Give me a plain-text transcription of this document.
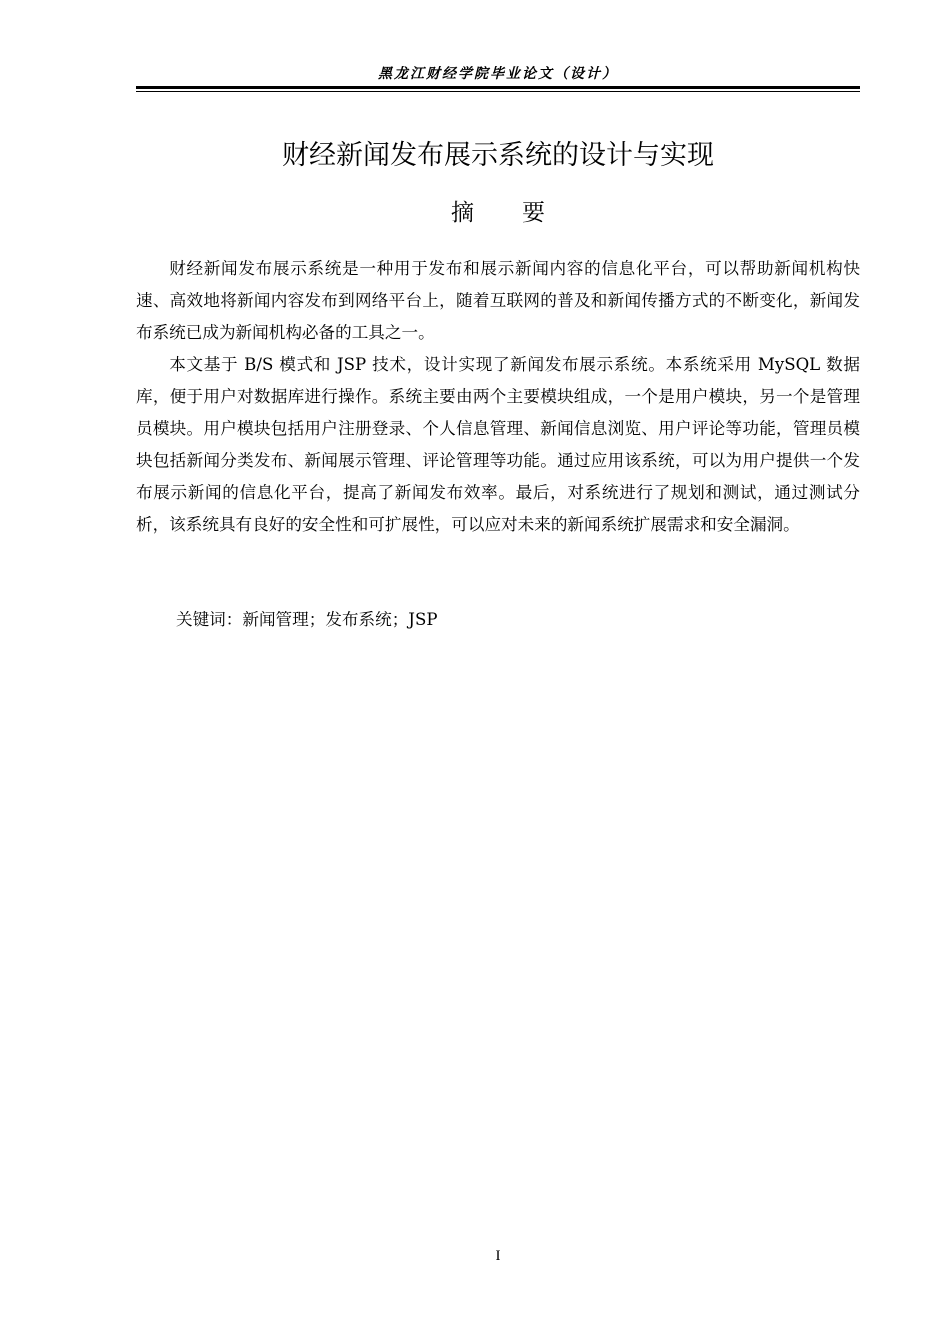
黑龙江财经学院毕业论文（设计）
财经新闻发布展示系统的设计与实现
摘要

财经新闻发布展示系统是一种用于发布和展示新闻内容的信息化平台，可以帮助新闻机构快速、高效地将新闻内容发布到网络平台上，随着互联网的普及和新闻传播方式的不断变化，新闻发布系统已成为新闻机构必备的工具之一。

本文基于 B/S 模式和 JSP 技术，设计实现了新闻发布展示系统。本系统采用 MySQL 数据库，便于用户对数据库进行操作。系统主要由两个主要模块组成，一个是用户模块，另一个是管理员模块。用户模块包括用户注册登录、个人信息管理、新闻信息浏览、用户评论等功能，管理员模块包括新闻分类发布、新闻展示管理、评论管理等功能。通过应用该系统，可以为用户提供一个发布展示新闻的信息化平台，提高了新闻发布效率。最后，对系统进行了规划和测试，通过测试分析，该系统具有良好的安全性和可扩展性，可以应对未来的新闻系统扩展需求和安全漏洞。

关键词：新闻管理；发布系统；JSP
I
